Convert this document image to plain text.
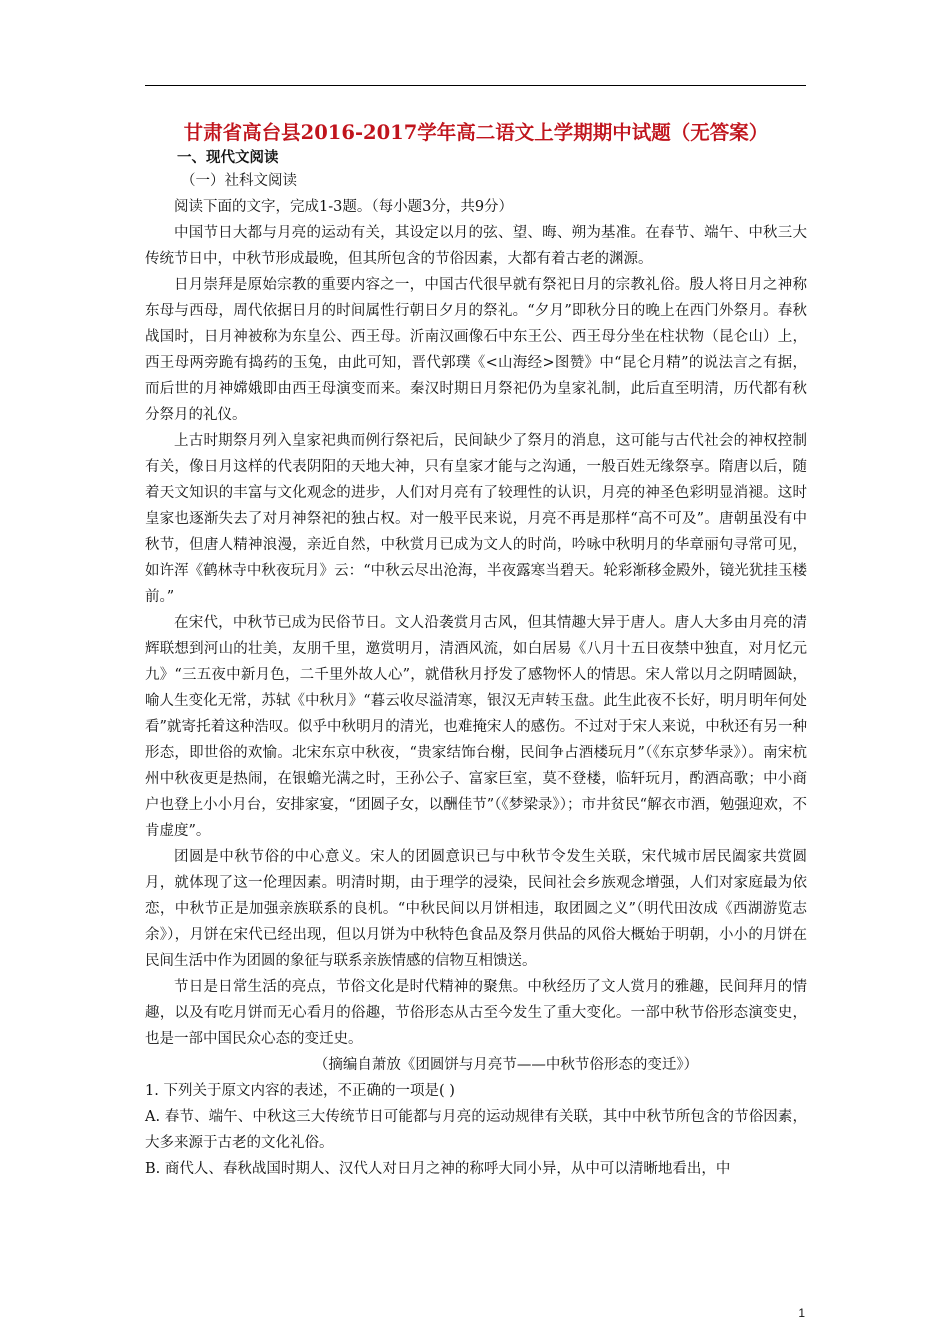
甘肃省高台县2016-2017学年高二语文上学期期中试题（无答案）
一、现代文阅读
（一）社科文阅读

阅读下面的文字，完成1-3题。（每小题3分，共9分）

中国节日大都与月亮的运动有关，其设定以月的弦、望、晦、朔为基准。在春节、端午、中秋三大传统节日中，中秋节形成最晚，但其所包含的节俗因素，大都有着古老的渊源。

日月崇拜是原始宗教的重要内容之一，中国古代很早就有祭祀日月的宗教礼俗。殷人将日月之神称东母与西母，周代依据日月的时间属性行朝日夕月的祭礼。“夕月”即秋分日的晚上在西门外祭月。春秋战国时，日月神被称为东皇公、西王母。沂南汉画像石中东王公、西王母分坐在柱状物（昆仑山）上，西王母两旁跪有捣药的玉兔，由此可知，晋代郭璞《<山海经>图赞》中“昆仑月精”的说法言之有据，而后世的月神嫦娥即由西王母演变而来。秦汉时期日月祭祀仍为皇家礼制，此后直至明清，历代都有秋分祭月的礼仪。

上古时期祭月列入皇家祀典而例行祭祀后，民间缺少了祭月的消息，这可能与古代社会的神权控制有关，像日月这样的代表阴阳的天地大神，只有皇家才能与之沟通，一般百姓无缘祭享。隋唐以后，随着天文知识的丰富与文化观念的进步，人们对月亮有了较理性的认识，月亮的神圣色彩明显消褪。这时皇家也逐渐失去了对月神祭祀的独占权。对一般平民来说，月亮不再是那样“高不可及”。唐朝虽没有中秋节，但唐人精神浪漫，亲近自然，中秋赏月已成为文人的时尚，吟咏中秋明月的华章丽句寻常可见，如许浑《鹤林寺中秋夜玩月》云：“中秋云尽出沧海，半夜露寒当碧天。轮彩渐移金殿外，镜光犹挂玉楼前。”

在宋代，中秋节已成为民俗节日。文人沿袭赏月古风，但其情趣大异于唐人。唐人大多由月亮的清辉联想到河山的壮美，友朋千里，邀赏明月，清酒风流，如白居易《八月十五日夜禁中独直，对月忆元九》“三五夜中新月色，二千里外故人心”，就借秋月抒发了感物怀人的情思。宋人常以月之阴晴圆缺，喻人生变化无常，苏轼《中秋月》“暮云收尽溢清寒，银汉无声转玉盘。此生此夜不长好，明月明年何处看”就寄托着这种浩叹。似乎中秋明月的清光，也难掩宋人的感伤。不过对于宋人来说，中秋还有另一种形态，即世俗的欢愉。北宋东京中秋夜，“贵家结饰台榭，民间争占酒楼玩月”（《东京梦华录》）。南宋杭州中秋夜更是热闹，在银蟾光满之时，王孙公子、富家巨室，莫不登楼，临轩玩月，酌酒高歌；中小商户也登上小小月台，安排家宴，“团圆子女，以酬佳节”（《梦梁录》）；市井贫民“解衣市酒，勉强迎欢，不肯虚度”。

团圆是中秋节俗的中心意义。宋人的团圆意识已与中秋节令发生关联，宋代城市居民阖家共赏圆月，就体现了这一伦理因素。明清时期，由于理学的浸染，民间社会乡族观念增强，人们对家庭最为依恋，中秋节正是加强亲族联系的良机。“中秋民间以月饼相违，取团圆之义”（明代田汝成《西湖游览志余》），月饼在宋代已经出现，但以月饼为中秋特色食品及祭月供品的风俗大概始于明朝，小小的月饼在民间生活中作为团圆的象征与联系亲族情感的信物互相馈送。

节日是日常生活的亮点，节俗文化是时代精神的聚焦。中秋经历了文人赏月的雅趣，民间拜月的情趣，以及有吃月饼而无心看月的俗趣，节俗形态从古至今发生了重大变化。一部中秋节俗形态演变史，也是一部中国民众心态的变迁史。

（摘编自萧放《团圆饼与月亮节——中秋节俗形态的变迁》）

1. 下列关于原文内容的表述，不正确的一项是( )

A. 春节、端午、中秋这三大传统节日可能都与月亮的运动规律有关联，其中中秋节所包含的节俗因素，大多来源于古老的文化礼俗。

B. 商代人、春秋战国时期人、汉代人对日月之神的称呼大同小异，从中可以清晰地看出，中

1
